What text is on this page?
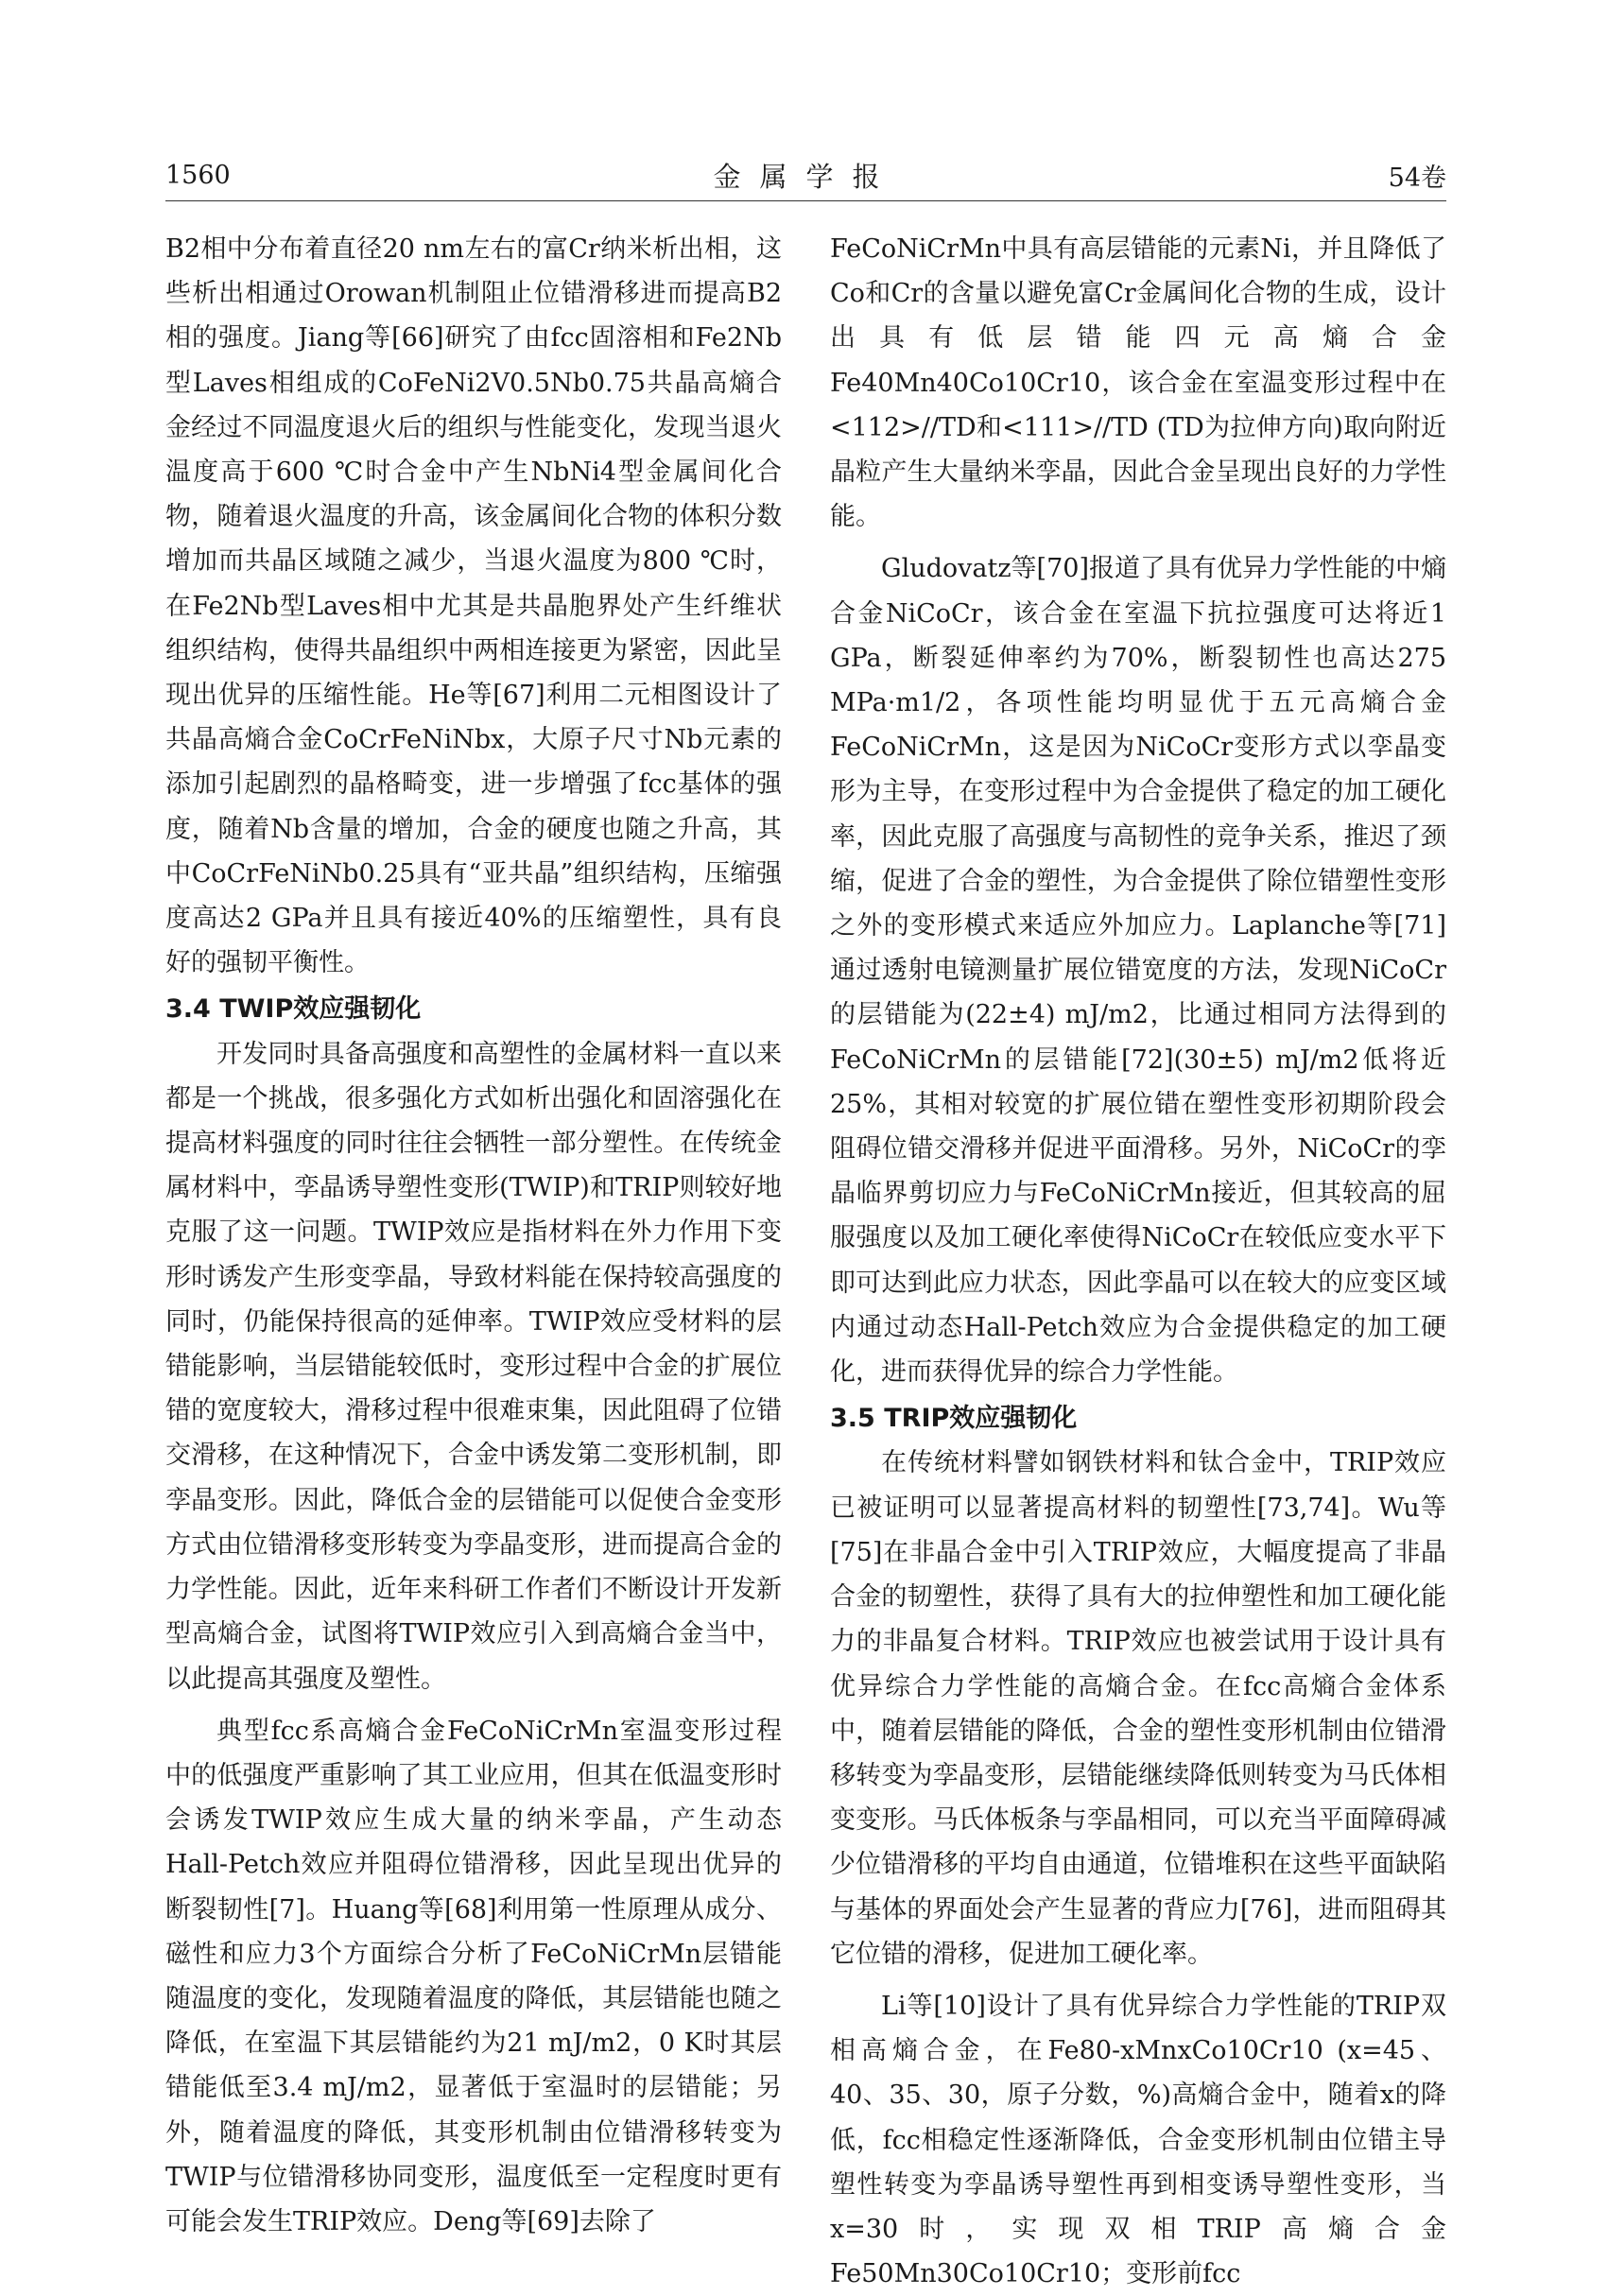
1560	金属学报	54卷

B2相中分布着直径20 nm左右的富Cr纳米析出相，这些析出相通过Orowan机制阻止位错滑移进而提高B2相的强度。Jiang等[66]研究了由fcc固溶相和Fe2Nb型Laves相组成的CoFeNi2V0.5Nb0.75共晶高熵合金经过不同温度退火后的组织与性能变化，发现当退火温度高于600 ℃时合金中产生NbNi4型金属间化合物，随着退火温度的升高，该金属间化合物的体积分数增加而共晶区域随之减少，当退火温度为800 ℃时，在Fe2Nb型Laves相中尤其是共晶胞界处产生纤维状组织结构，使得共晶组织中两相连接更为紧密，因此呈现出优异的压缩性能。He等[67]利用二元相图设计了共晶高熵合金CoCrFeNiNbx，大原子尺寸Nb元素的添加引起剧烈的晶格畸变，进一步增强了fcc基体的强度，随着Nb含量的增加，合金的硬度也随之升高，其中CoCrFeNiNb0.25具有“亚共晶”组织结构，压缩强度高达2 GPa并且具有接近40%的压缩塑性，具有良好的强韧平衡性。

3.4 TWIP效应强韧化

开发同时具备高强度和高塑性的金属材料一直以来都是一个挑战，很多强化方式如析出强化和固溶强化在提高材料强度的同时往往会牺牲一部分塑性。在传统金属材料中，孪晶诱导塑性变形(TWIP)和TRIP则较好地克服了这一问题。TWIP效应是指材料在外力作用下变形时诱发产生形变孪晶，导致材料能在保持较高强度的同时，仍能保持很高的延伸率。TWIP效应受材料的层错能影响，当层错能较低时，变形过程中合金的扩展位错的宽度较大，滑移过程中很难束集，因此阻碍了位错交滑移，在这种情况下，合金中诱发第二变形机制，即孪晶变形。因此，降低合金的层错能可以促使合金变形方式由位错滑移变形转变为孪晶变形，进而提高合金的力学性能。因此，近年来科研工作者们不断设计开发新型高熵合金，试图将TWIP效应引入到高熵合金当中，以此提高其强度及塑性。

典型fcc系高熵合金FeCoNiCrMn室温变形过程中的低强度严重影响了其工业应用，但其在低温变形时会诱发TWIP效应生成大量的纳米孪晶，产生动态Hall-Petch效应并阻碍位错滑移，因此呈现出优异的断裂韧性[7]。Huang等[68]利用第一性原理从成分、磁性和应力3个方面综合分析了FeCoNiCrMn层错能随温度的变化，发现随着温度的降低，其层错能也随之降低，在室温下其层错能约为21 mJ/m2，0 K时其层错能低至3.4 mJ/m2，显著低于室温时的层错能；另外，随着温度的降低，其变形机制由位错滑移转变为TWIP与位错滑移协同变形，温度低至一定程度时更有可能会发生TRIP效应。Deng等[69]去除了

FeCoNiCrMn中具有高层错能的元素Ni，并且降低了Co和Cr的含量以避免富Cr金属间化合物的生成，设计出具有低层错能四元高熵合金Fe40Mn40Co10Cr10，该合金在室温变形过程中在<112>//TD和<111>//TD (TD为拉伸方向)取向附近晶粒产生大量纳米孪晶，因此合金呈现出良好的力学性能。

Gludovatz等[70]报道了具有优异力学性能的中熵合金NiCoCr，该合金在室温下抗拉强度可达将近1 GPa，断裂延伸率约为70%，断裂韧性也高达275 MPa·m1/2，各项性能均明显优于五元高熵合金FeCoNiCrMn，这是因为NiCoCr变形方式以孪晶变形为主导，在变形过程中为合金提供了稳定的加工硬化率，因此克服了高强度与高韧性的竞争关系，推迟了颈缩，促进了合金的塑性，为合金提供了除位错塑性变形之外的变形模式来适应外加应力。Laplanche等[71]通过透射电镜测量扩展位错宽度的方法，发现NiCoCr的层错能为(22±4) mJ/m2，比通过相同方法得到的FeCoNiCrMn的层错能[72](30±5) mJ/m2低将近25%，其相对较宽的扩展位错在塑性变形初期阶段会阻碍位错交滑移并促进平面滑移。另外，NiCoCr的孪晶临界剪切应力与FeCoNiCrMn接近，但其较高的屈服强度以及加工硬化率使得NiCoCr在较低应变水平下即可达到此应力状态，因此孪晶可以在较大的应变区域内通过动态Hall-Petch效应为合金提供稳定的加工硬化，进而获得优异的综合力学性能。

3.5 TRIP效应强韧化

在传统材料譬如钢铁材料和钛合金中，TRIP效应已被证明可以显著提高材料的韧塑性[73,74]。Wu等[75]在非晶合金中引入TRIP效应，大幅度提高了非晶合金的韧塑性，获得了具有大的拉伸塑性和加工硬化能力的非晶复合材料。TRIP效应也被尝试用于设计具有优异综合力学性能的高熵合金。在fcc高熵合金体系中，随着层错能的降低，合金的塑性变形机制由位错滑移转变为孪晶变形，层错能继续降低则转变为马氏体相变变形。马氏体板条与孪晶相同，可以充当平面障碍减少位错滑移的平均自由通道，位错堆积在这些平面缺陷与基体的界面处会产生显著的背应力[76]，进而阻碍其它位错的滑移，促进加工硬化率。

Li等[10]设计了具有优异综合力学性能的TRIP双相高熵合金，在Fe80-xMnxCo10Cr10 (x=45、40、35、30，原子分数，%)高熵合金中，随着x的降低，fcc相稳定性逐渐降低，合金变形机制由位错主导塑性转变为孪晶诱导塑性再到相变诱导塑性变形，当x=30时，实现双相TRIP高熵合金Fe50Mn30Co10Cr10；变形前fcc
